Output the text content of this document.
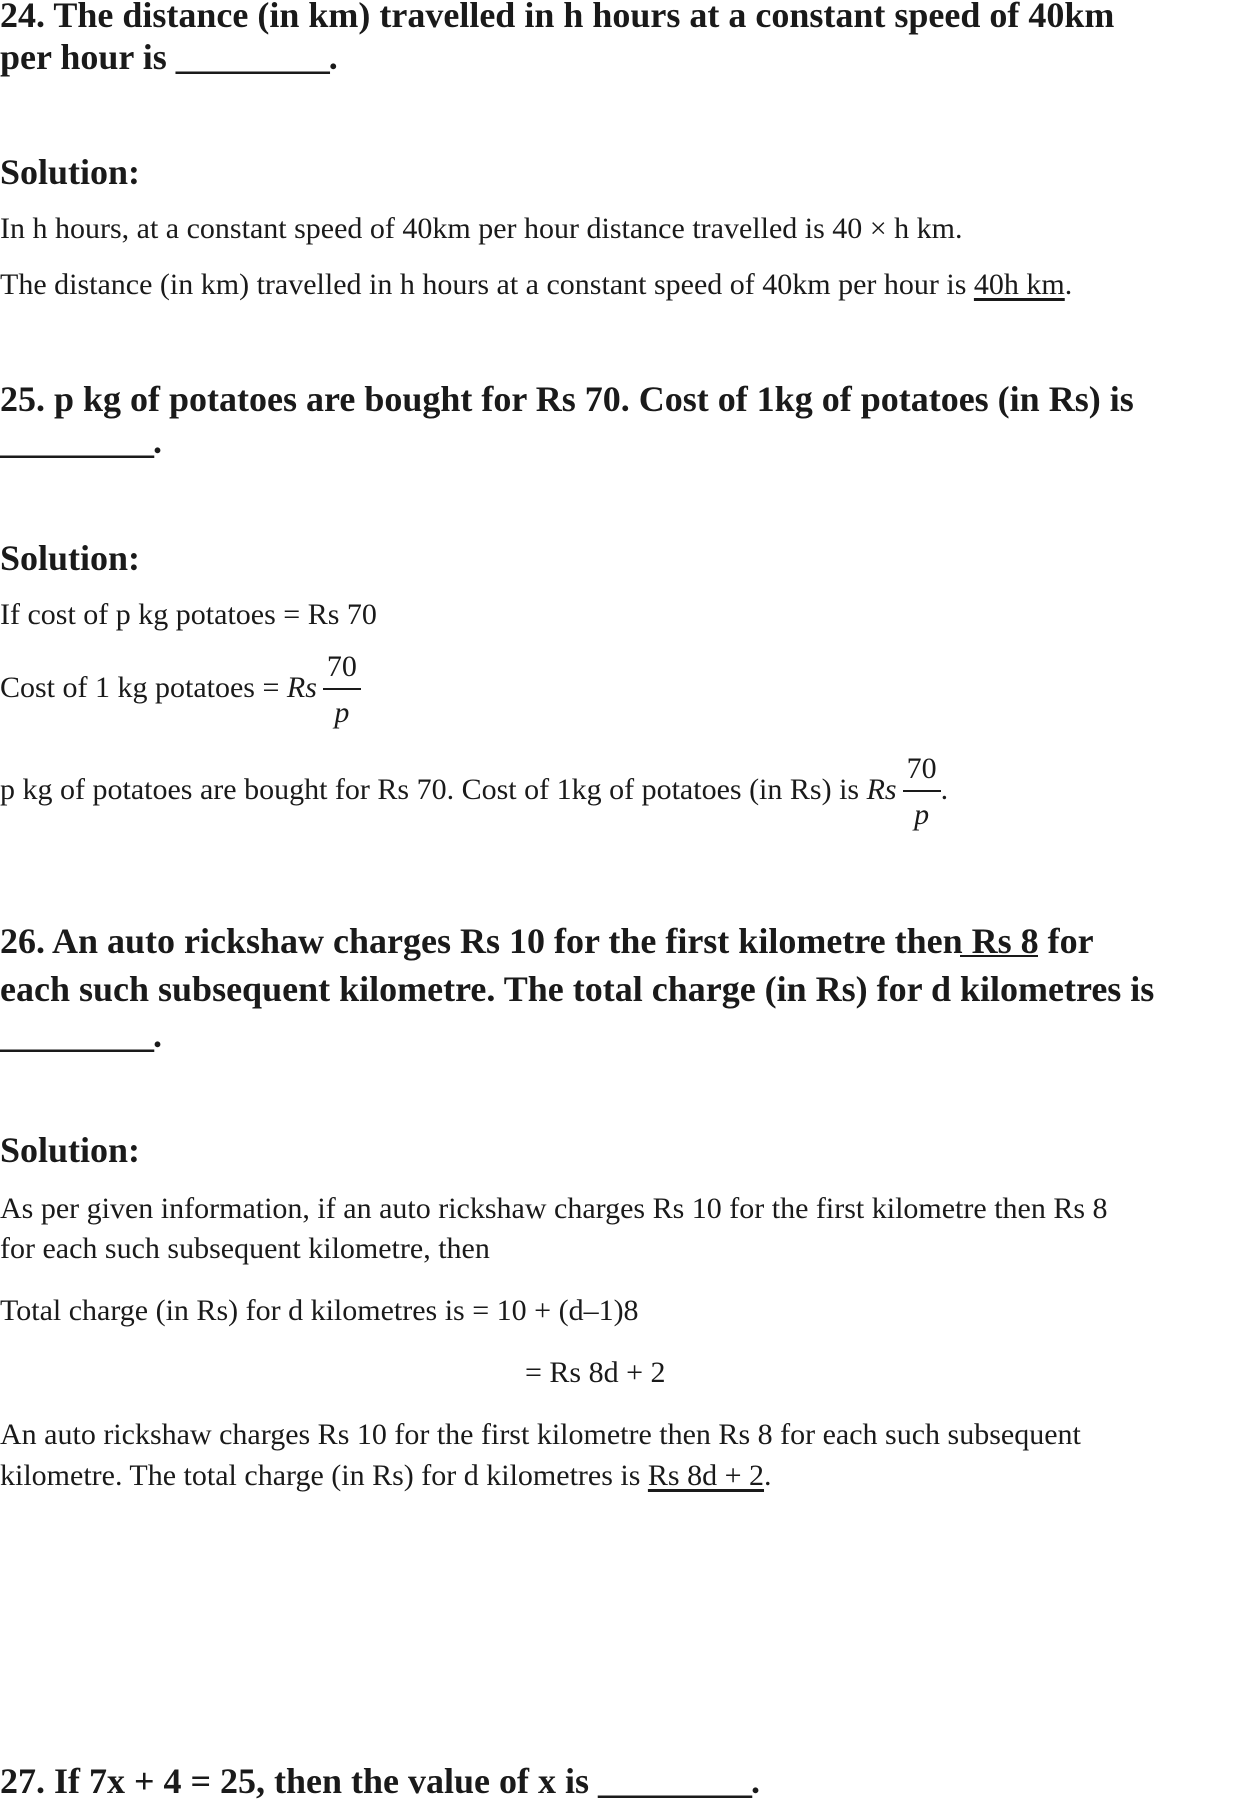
24. The distance (in km) travelled in h hours at a constant speed of 40km

per hour is _________.

Solution:

In h hours, at a constant speed of 40km per hour distance travelled is 40 × h km.

The distance (in km) travelled in h hours at a constant speed of 40km per hour is 40h km.

25. p kg of potatoes are bought for Rs 70. Cost of 1kg of potatoes (in Rs) is

_________.

Solution:

If cost of p kg potatoes = Rs 70

Cost of 1 kg potatoes = Rs $\frac{70}{p}$
p kg of potatoes are bought for Rs 70. Cost of 1kg of potatoes (in Rs) is Rs $\frac{70}{p}$ .

26. An auto rickshaw charges Rs 10 for the first kilometre then Rs 8 for

each such subsequent kilometre. The total charge (in Rs) for d kilometres is

_________.

Solution:

As per given information, if an auto rickshaw charges Rs 10 for the first kilometre then Rs 8

for each such subsequent kilometre, then

Total charge (in Rs) for d kilometres is = 10 + (d–1)8

= Rs 8d + 2

An auto rickshaw charges Rs 10 for the first kilometre then Rs 8 for each such subsequent

kilometre. The total charge (in Rs) for d kilometres is Rs 8d + 2.

27. If 7x + 4 = 25, then the value of x is _________.
